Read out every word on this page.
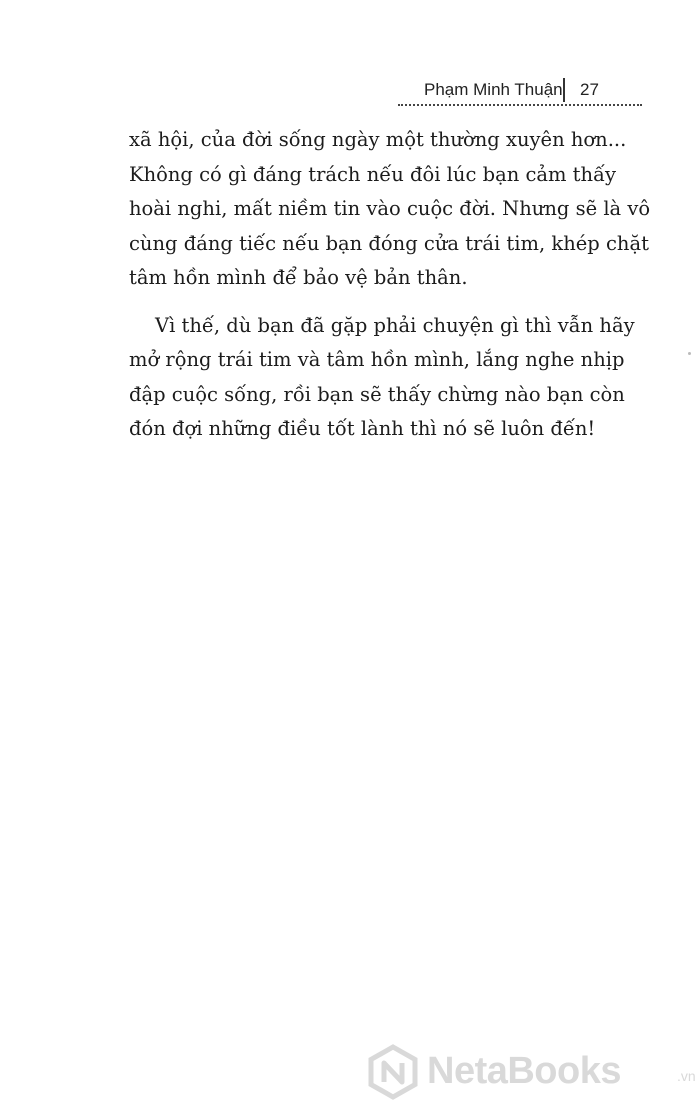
Phạm Minh Thuận 27
xã hội, của đời sống ngày một thường xuyên hơn...
Không có gì đáng trách nếu đôi lúc bạn cảm thấy
hoài nghi, mất niềm tin vào cuộc đời. Nhưng sẽ là vô
cùng đáng tiếc nếu bạn đóng cửa trái tim, khép chặt
tâm hồn mình để bảo vệ bản thân.
Vì thế, dù bạn đã gặp phải chuyện gì thì vẫn hãy
mở rộng trái tim và tâm hồn mình, lắng nghe nhịp
đập cuộc sống, rồi bạn sẽ thấy chừng nào bạn còn
đón đợi những điều tốt lành thì nó sẽ luôn đến!
NetaBooks	.vn
